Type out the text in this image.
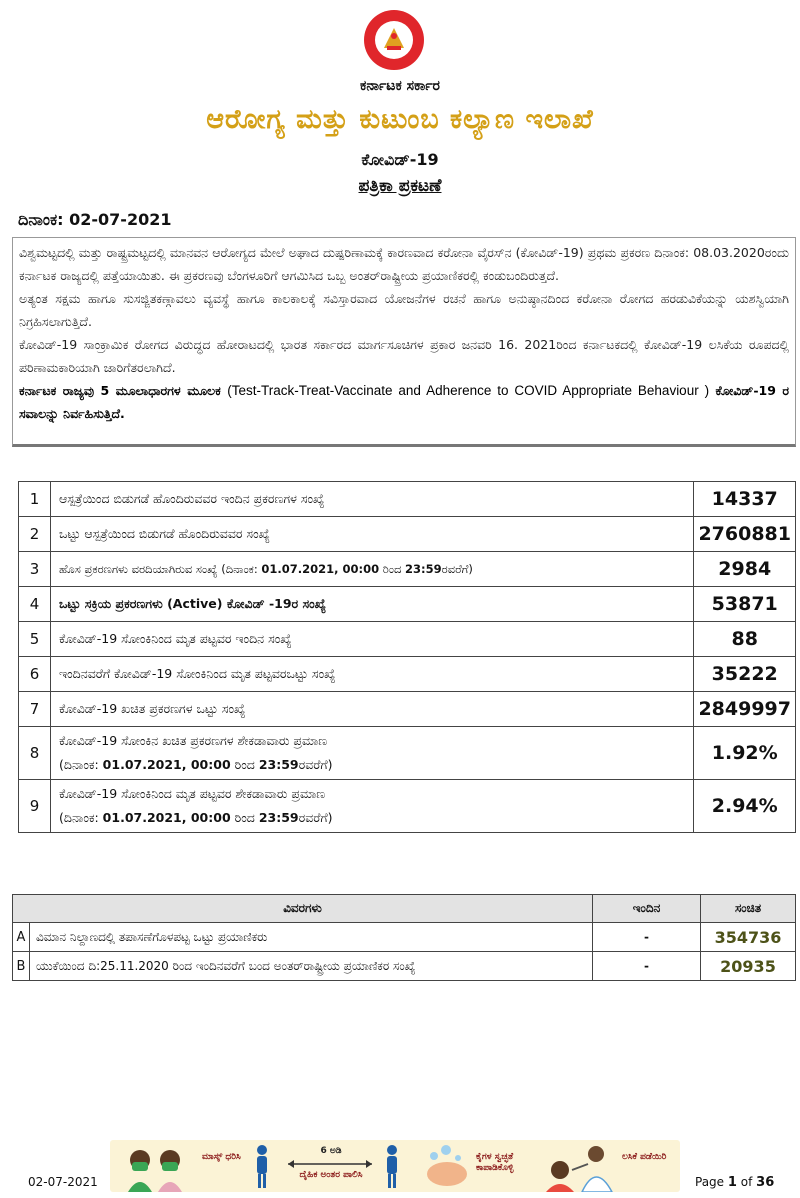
ಕರ್ನಾಟಕ ಸರ್ಕಾರ
ಆರೋಗ್ಯ ಮತ್ತು ಕುಟುಂಬ ಕಲ್ಯಾಣ ಇಲಾಖೆ
ಕೋವಿಡ್-19
ಪತ್ರಿಕಾ ಪ್ರಕಟಣೆ
ದಿನಾಂಕ: 02-07-2021

ವಿಶ್ವಮಟ್ಟದಲ್ಲಿ ಮತ್ತು ರಾಷ್ಟ್ರಮಟ್ಟದಲ್ಲಿ ಮಾನವನ ಆರೋಗ್ಯದ ಮೇಲೆ ಅಘಾದ ದುಷ್ಪರಿಣಾಮಕ್ಕೆ ಕಾರಣವಾದ ಕರೋನಾ ವೈರಸ್‌ನ (ಕೋವಿಡ್-19) ಪ್ರಥಮ ಪ್ರಕರಣ ದಿನಾಂಕ: 08.03.2020ರಂದು ಕರ್ನಾಟಕ ರಾಜ್ಯದಲ್ಲಿ ಪತ್ತೆಯಾಯಿತು. ಈ ಪ್ರಕರಣವು ಬೆಂಗಳೂರಿಗೆ ಆಗಮಿಸಿದ ಒಬ್ಬ ಅಂತರ್‌ರಾಷ್ಟ್ರೀಯ ಪ್ರಯಾಣಿಕರಲ್ಲಿ ಕಂಡುಬಂದಿರುತ್ತದೆ.

ಅತ್ಯಂತ ಸಕ್ಷಮ ಹಾಗೂ ಸುಸಜ್ಜಿತಕಣ್ಗಾವಲು ವ್ಯವಸ್ಥೆ ಹಾಗೂ ಕಾಲಕಾಲಕ್ಕೆ ಸವಿಸ್ತಾರವಾದ ಯೋಜನೆಗಳ ರಚನೆ ಹಾಗೂ ಅನುಷ್ಠಾನದಿಂದ ಕರೋನಾ ರೋಗದ ಹರಡುವಿಕೆಯನ್ನು ಯಶಸ್ವಿಯಾಗಿ ನಿಗ್ರಹಿಸಲಾಗುತ್ತಿದೆ.

ಕೋವಿಡ್-19 ಸಾಂಕ್ರಾಮಿಕ ರೋಗದ ವಿರುದ್ಧದ ಹೋರಾಟದಲ್ಲಿ ಭಾರತ ಸರ್ಕಾರದ ಮಾರ್ಗಸೂಚಿಗಳ ಪ್ರಕಾರ ಜನವರಿ 16. 2021ರಿಂದ ಕರ್ನಾಟಕದಲ್ಲಿ ಕೋವಿಡ್-19 ಲಸಿಕೆಯ ರೂಪದಲ್ಲಿ ಪರಿಣಾಮಕಾರಿಯಾಗಿ ಜಾರಿಗೆತರಲಾಗಿದೆ.

ಕರ್ನಾಟಕ ರಾಜ್ಯವು 5 ಮೂಲಾಧಾರಗಳ ಮೂಲಕ (Test-Track-Treat-Vaccinate and Adherence to COVID Appropriate Behaviour ) ಕೋವಿಡ್-19 ರ ಸವಾಲನ್ನು ನಿರ್ವಹಿಸುತ್ತಿದೆ.

1	ಆಸ್ಪತ್ರೆಯಿಂದ ಬಿಡುಗಡೆ ಹೊಂದಿರುವವರ ಇಂದಿನ ಪ್ರಕರಣಗಳ ಸಂಖ್ಯೆ	14337
2	ಒಟ್ಟು ಆಸ್ಪತ್ರೆಯಿಂದ ಬಿಡುಗಡೆ ಹೊಂದಿರುವವರ ಸಂಖ್ಯೆ	2760881
3	ಹೊಸ ಪ್ರಕರಣಗಳು ವರದಿಯಾಗಿರುವ ಸಂಖ್ಯೆ (ದಿನಾಂಕ: 01.07.2021, 00:00 ರಿಂದ 23:59ರವರೆಗೆ)	2984
4	ಒಟ್ಟು ಸಕ್ರಿಯ ಪ್ರಕರಣಗಳು (Active) ಕೋವಿಡ್ -19ರ ಸಂಖ್ಯೆ	53871
5	ಕೋವಿಡ್-19 ಸೋಂಕಿನಿಂದ ಮೃತ ಪಟ್ಟವರ ಇಂದಿನ ಸಂಖ್ಯೆ	88
6	ಇಂದಿನವರೆಗೆ ಕೋವಿಡ್-19 ಸೋಂಕಿನಿಂದ ಮೃತ ಪಟ್ಟವರಒಟ್ಟು ಸಂಖ್ಯೆ	35222
7	ಕೋವಿಡ್-19 ಖಚಿತ ಪ್ರಕರಣಗಳ ಒಟ್ಟು ಸಂಖ್ಯೆ	2849997
8	ಕೋವಿಡ್-19 ಸೋಂಕಿನ ಖಚಿತ ಪ್ರಕರಣಗಳ ಶೇಕಡಾವಾರು ಪ್ರಮಾಣ
(ದಿನಾಂಕ: 01.07.2021, 00:00 ರಿಂದ 23:59ರವರೆಗೆ)	1.92%
9	ಕೋವಿಡ್-19 ಸೋಂಕಿನಿಂದ ಮೃತ ಪಟ್ಟವರ ಶೇಕಡಾವಾರು ಪ್ರಮಾಣ
(ದಿನಾಂಕ: 01.07.2021, 00:00 ರಿಂದ 23:59ರವರೆಗೆ)	2.94%
ವಿವರಗಳು		ಇಂದಿನ	ಸಂಚಿತ
A	ವಿಮಾನ ನಿಲ್ದಾಣದಲ್ಲಿ ತಪಾಸಣೆಗೊಳಪಟ್ಟ ಒಟ್ಟು ಪ್ರಯಾಣಿಕರು	-	354736
B	ಯುಕೆಯಿಂದ ದಿ:25.11.2020 ರಿಂದ ಇಂದಿನವರೆಗೆ ಬಂದ ಅಂತರ್‌ರಾಷ್ಟ್ರೀಯ ಪ್ರಯಾಣಿಕರ ಸಂಖ್ಯೆ	-	20935
ಮಾಸ್ಕ್ ಧರಿಸಿ
6 ಅಡಿ
ದೈಹಿಕ ಅಂತರ ಪಾಲಿಸಿ
ಕೈಗಳ ಸ್ವಚ್ಛತೆ ಕಾಪಾಡಿಕೊಳ್ಳಿ
ಲಸಿಕೆ ಪಡೆಯಿರಿ
02-07-2021	Page 1 of 36
